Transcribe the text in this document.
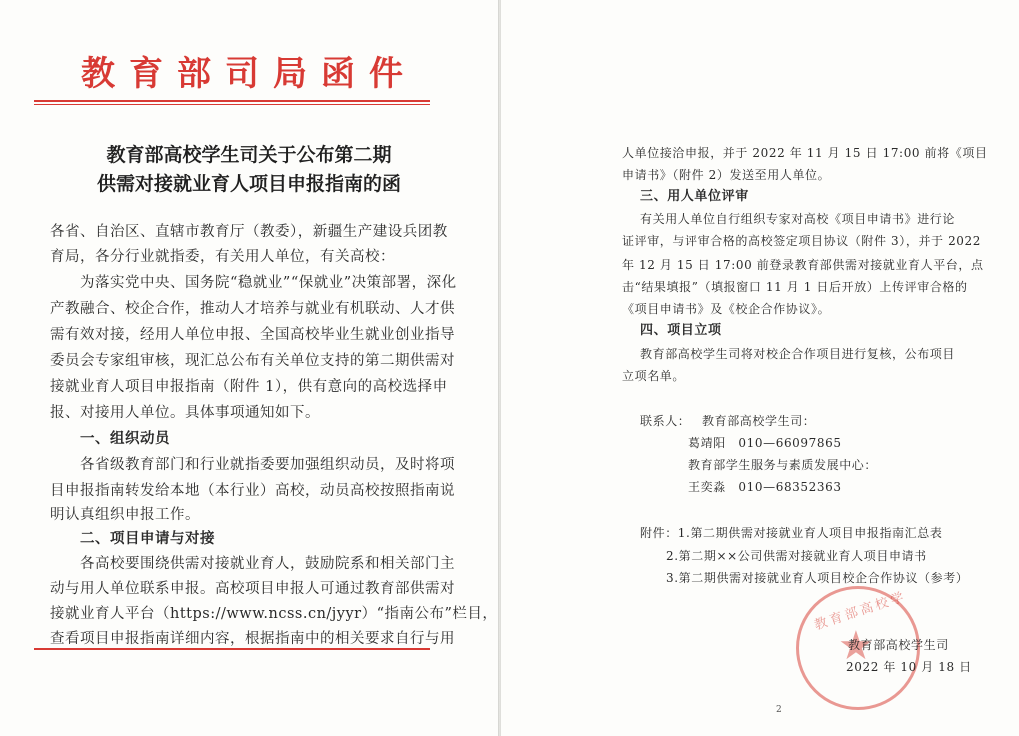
教育部司局函件
教育部高校学生司关于公布第二期
供需对接就业育人项目申报指南的函
各省、自治区、直辖市教育厅（教委），新疆生产建设兵团教
育局，各分行业就指委，有关用人单位，有关高校：
为落实党中央、国务院“稳就业”“保就业”决策部署，深化
产教融合、校企合作，推动人才培养与就业有机联动、人才供
需有效对接，经用人单位申报、全国高校毕业生就业创业指导
委员会专家组审核，现汇总公布有关单位支持的第二期供需对
接就业育人项目申报指南（附件 1），供有意向的高校选择申
报、对接用人单位。具体事项通知如下。
一、组织动员
各省级教育部门和行业就指委要加强组织动员，及时将项
目申报指南转发给本地（本行业）高校，动员高校按照指南说
明认真组织申报工作。
二、项目申请与对接
各高校要围绕供需对接就业育人，鼓励院系和相关部门主
动与用人单位联系申报。高校项目申报人可通过教育部供需对
接就业育人平台（https://www.ncss.cn/jyyr）“指南公布”栏目，
查看项目申报指南详细内容，根据指南中的相关要求自行与用
人单位接洽申报，并于 2022 年 11 月 15 日 17:00 前将《项目
申请书》（附件 2）发送至用人单位。
三、用人单位评审
有关用人单位自行组织专家对高校《项目申请书》进行论
证评审，与评审合格的高校签定项目协议（附件 3），并于 2022
年 12 月 15 日 17:00 前登录教育部供需对接就业育人平台，点
击“结果填报”（填报窗口 11 月 1 日后开放）上传评审合格的
《项目申请书》及《校企合作协议》。
四、项目立项
教育部高校学生司将对校企合作项目进行复核，公布项目
立项名单。
联系人： 教育部高校学生司：
葛靖阳　010—66097865
教育部学生服务与素质发展中心：
王奕淼　010—68352363
附件：1.第二期供需对接就业育人项目申报指南汇总表
2.第二期××公司供需对接就业育人项目申请书
3.第二期供需对接就业育人项目校企合作协议（参考）
★
教育部高校学
教育部高校学生司
2022 年 10 月 18 日
2
